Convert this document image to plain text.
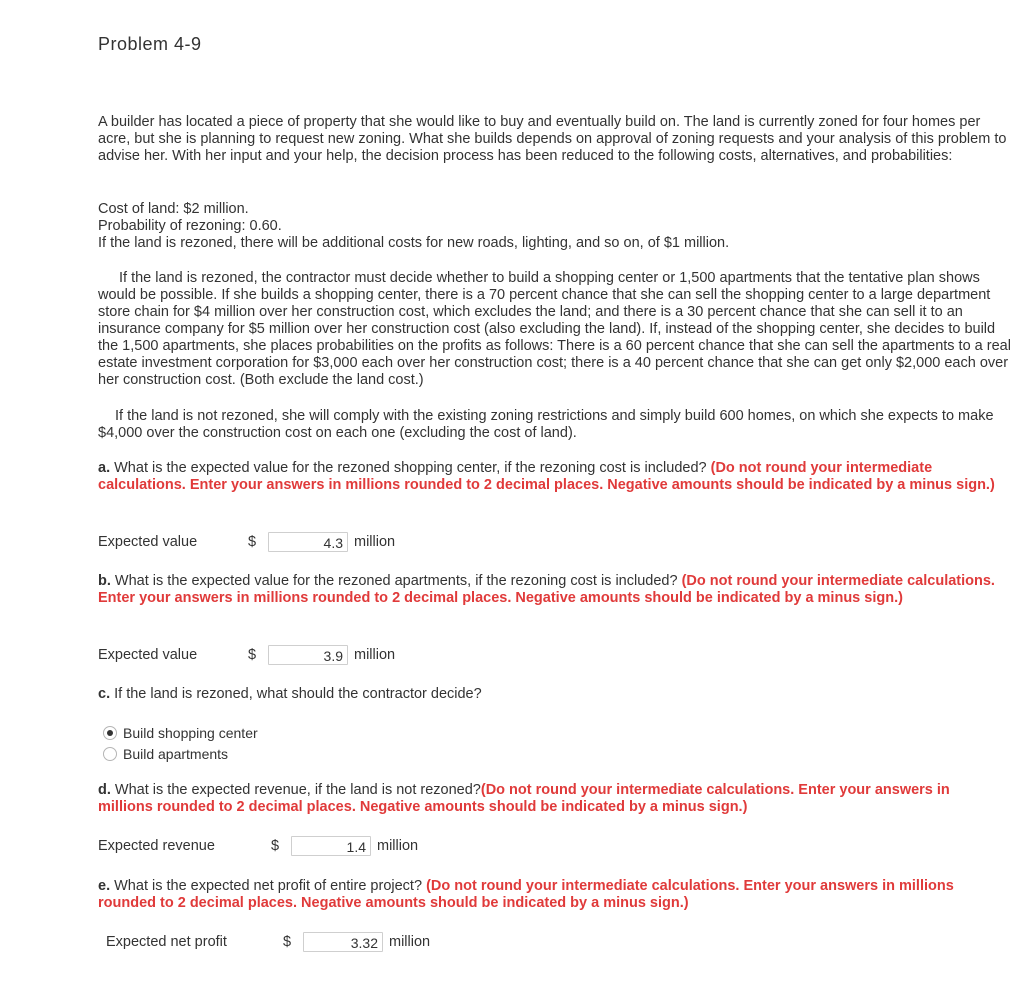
Problem 4-9

A builder has located a piece of property that she would like to buy and eventually build on. The land is currently zoned for four homes per acre, but she is planning to request new zoning. What she builds depends on approval of zoning requests and your analysis of this problem to advise her. With her input and your help, the decision process has been reduced to the following costs, alternatives, and probabilities:

Cost of land: $2 million.

Probability of rezoning: 0.60.

If the land is rezoned, there will be additional costs for new roads, lighting, and so on, of $1 million.

If the land is rezoned, the contractor must decide whether to build a shopping center or 1,500 apartments that the tentative plan shows would be possible. If she builds a shopping center, there is a 70 percent chance that she can sell the shopping center to a large department store chain for $4 million over her construction cost, which excludes the land; and there is a 30 percent chance that she can sell it to an insurance company for $5 million over her construction cost (also excluding the land). If, instead of the shopping center, she decides to build the 1,500 apartments, she places probabilities on the profits as follows: There is a 60 percent chance that she can sell the apartments to a real estate investment corporation for $3,000 each over her construction cost; there is a 40 percent chance that she can get only $2,000 each over her construction cost. (Both exclude the land cost.)

If the land is not rezoned, she will comply with the existing zoning restrictions and simply build 600 homes, on which she expects to make $4,000 over the construction cost on each one (excluding the cost of land).

a. What is the expected value for the rezoned shopping center, if the rezoning cost is included? (Do not round your intermediate calculations. Enter your answers in millions rounded to 2 decimal places. Negative amounts should be indicated by a minus sign.)

Expected value	$	4.3 million

b. What is the expected value for the rezoned apartments, if the rezoning cost is included? (Do not round your intermediate calculations. Enter your answers in millions rounded to 2 decimal places. Negative amounts should be indicated by a minus sign.)

Expected value	$	3.9 million

c. If the land is rezoned, what should the contractor decide?

Build shopping center
Build apartments

d. What is the expected revenue, if the land is not rezoned?(Do not round your intermediate calculations. Enter your answers in millions rounded to 2 decimal places. Negative amounts should be indicated by a minus sign.)

Expected revenue	$	1.4 million

e. What is the expected net profit of entire project? (Do not round your intermediate calculations. Enter your answers in millions rounded to 2 decimal places. Negative amounts should be indicated by a minus sign.)

Expected net profit	$	3.32 million
